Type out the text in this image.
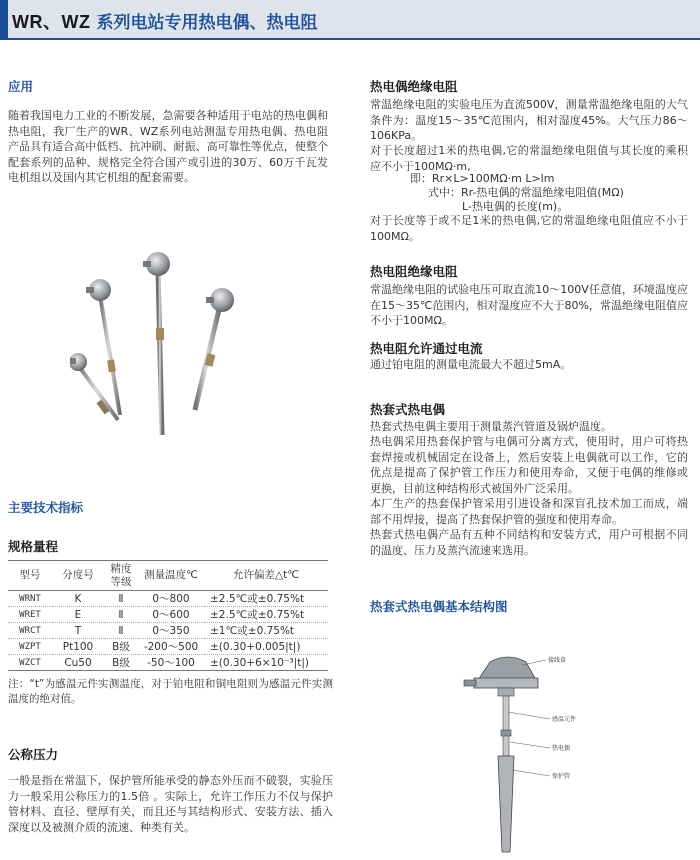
WR、WZ 系列电站专用热电偶、热电阻
应用
随着我国电力工业的不断发展，急需要各种适用于电站的热电偶和热电阻，我厂生产的WR、WZ系列电站测温专用热电偶、热电阻产品具有适合高中低档、抗冲刷、耐振、高可靠性等优点，使整个配套系列的品种、规格完全符合国产或引进的30万、60万千瓦发电机组以及国内其它机组的配套需要。
主要技术指标
规格量程
型号	分度号	精度等级	测量温度℃	允许偏差△t℃
WRNT	K	Ⅱ	0～800	±2.5℃或±0.75%t
WRET	E	Ⅱ	0～600	±2.5℃或±0.75%t
WRCT	T	Ⅱ	0～350	±1℃或±0.75%t
WZPT	Pt100	B级	-200～500	±(0.30+0.005|t|)
WZCT	Cu50	B级	-50～100	±(0.30+6×10⁻³|t|)
注：“t”为感温元件实测温度，对于铂电阻和铜电阻则为感温元件实测温度的绝对值。
公称压力
一般是指在常温下，保护管所能承受的静态外压而不破裂，实验压力一般采用公称压力的1.5倍 。实际上，允许工作压力不仅与保护管材料、直径、壁厚有关，而且还与其结构形式、安装方法、插入深度以及被测介质的流速、种类有关。
热电偶绝缘电阻
常温绝缘电阻的实验电压为直流500V，测量常温绝缘电阻的大气条件为：温度15～35℃范围内，相对湿度45%。大气压力86～106KPa。
对于长度超过1米的热电偶,它的常温绝缘电阻值与其长度的乘积应不小于100MΩ·m,
即：Rr×L>100MΩ·m L>lm
式中：Rr-热电偶的常温绝缘电阻值(MΩ)
L-热电偶的长度(m)。
对于长度等于或不足1米的热电偶,它的常温绝缘电阻值应不小于100MΩ。
热电阻绝缘电阻
常温绝缘电阻的试验电压可取直流10～100V任意值，环境温度应在15～35℃范围内，相对湿度应不大于80%，常温绝缘电阻值应不小于100MΩ。
热电阻允许通过电流
通过铂电阻的测量电流最大不超过5mA。
热套式热电偶
热套式热电偶主要用于测量蒸汽管道及锅炉温度。
热电偶采用热套保护管与电偶可分离方式，使用时，用户可将热套焊接或机械固定在设备上，然后安装上电偶就可以工作，它的优点是提高了保护管工作压力和使用寿命，又便于电偶的维修或更换，目前这种结构形式被国外广泛采用。
本厂生产的热套保护管采用引进设备和深盲孔技术加工而成，端部不用焊接，提高了热套保护管的强度和使用寿命。
热套式热电偶产品有五种不同结构和安装方式，用户可根据不同的温度、压力及蒸汽流速来选用。
热套式热电偶基本结构图
接线盒
感温元件
热电偶
保护管
